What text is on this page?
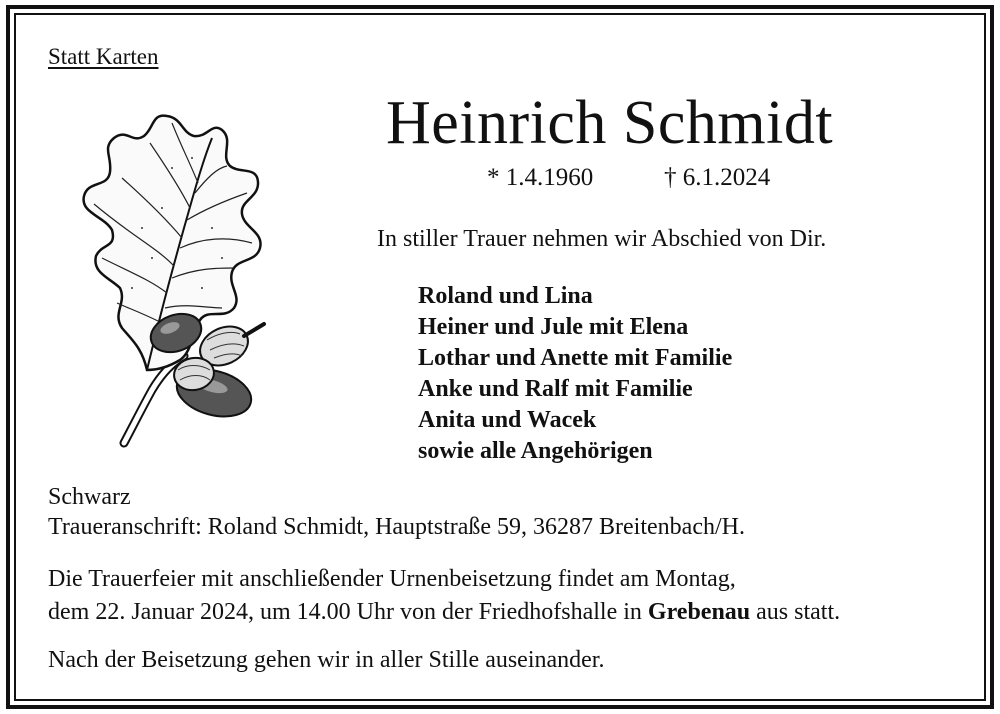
Statt Karten
Heinrich Schmidt
* 1.4.1960	† 6.1.2024
In stiller Trauer nehmen wir Abschied von Dir.
Roland und Lina
Heiner und Jule mit Elena
Lothar und Anette mit Familie
Anke und Ralf mit Familie
Anita und Wacek
sowie alle Angehörigen
Schwarz
Traueranschrift: Roland Schmidt, Hauptstraße 59, 36287 Breitenbach/H.
Die Trauerfeier mit anschließender Urnenbeisetzung findet am Montag,
dem 22. Januar 2024, um 14.00 Uhr von der Friedhofshalle in Grebenau aus statt.
Nach der Beisetzung gehen wir in aller Stille auseinander.
